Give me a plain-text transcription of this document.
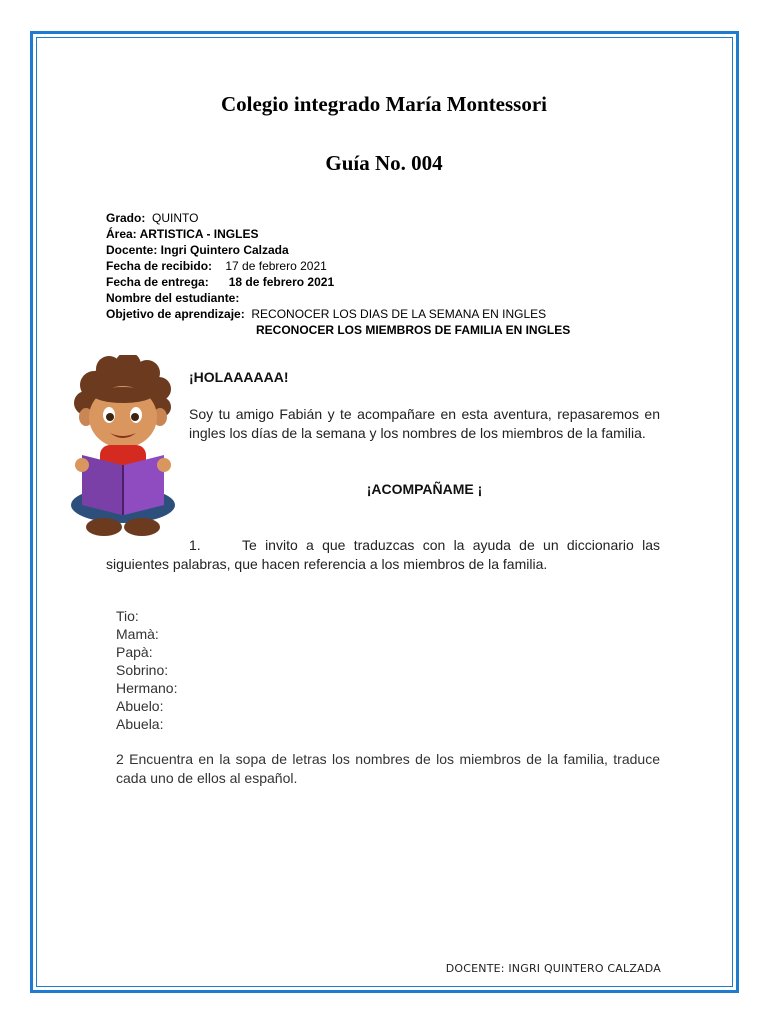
Colegio integrado María Montessori
Guía No. 004
Grado: QUINTO
Área: ARTISTICA - INGLES
Docente: Ingri Quintero Calzada
Fecha de recibido: 17 de febrero 2021
Fecha de entrega: 18 de febrero 2021
Nombre del estudiante:
Objetivo de aprendizaje: RECONOCER LOS DIAS DE LA SEMANA EN INGLES
RECONOCER LOS MIEMBROS DE FAMILIA EN INGLES
¡HOLAAAAAA!
Soy tu amigo Fabián y te acompañare en esta aventura, repasaremos en ingles los días de la semana y los nombres de los miembros de la familia.
¡ACOMPAÑAME ¡
1.	Te invito a que traduzcas con la ayuda de un diccionario las siguientes palabras, que hacen referencia a los miembros de la familia.
Tio:
Mamà:
Papà:
Sobrino:
Hermano:
Abuelo:
Abuela:
2 Encuentra en la sopa de letras los nombres de los miembros de la familia, traduce cada uno de ellos al español.
DOCENTE: INGRI QUINTERO CALZADA
